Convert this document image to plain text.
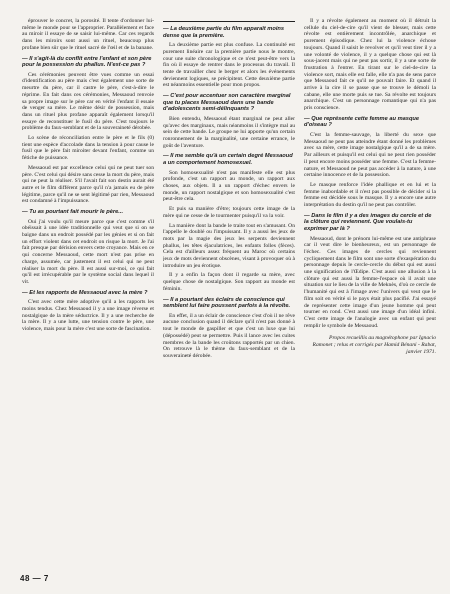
éprouver le concret, la porosité. Il tente d'ordonner lui-même le monde pour se l'approprier. Parallèlement et face au miroir il essaye de se saisir lui-même. Car ces regards dans les miroirs sont aussi un rituel, beaucoup plus profane bien sûr que le rituel sacré de l'œil et de la banane.

— Il s'agit-là du conflit entre l'enfant et son père pour la possession du phallus. N'est-ce pas ?

Ces cérémonies peuvent être vues comme un essai d'identification au père mais c'est également une sorte de meurtre du père, car il castre le père, c'est-à-dire le réprime. En fait dans ces cérémonies, Messaoud renvoie sa propre image sur le père car en vérité l'enfant il essaie de venger sa mère. Le même désir de possession, mais dans un rituel plus profane apparaît également lorsqu'il essaye de reconstituer le fusil du père. C'est toujours le problème du faux-semblant et de la souveraineté dérobée.

Lo scène de réconciliation entre le père et le fils (0) tient une espèce d'accolade dans la tension à pour cause le fusil que le père fait miroiter devant l'enfant, comme un fétiche de puissance.

Messaoud est par excellence celui qui ne peut tuer son père. C'est celui qui désire sans cesse la mort du père, mais qui ne peut la réaliser. S'il l'avait fait son destin aurait été autre et le film différent parce qu'il n'a jamais eu de père légitime, parce qu'il ne se sent légitimé par rien, Messaoud est condamné à l'impuissance.

— Tu as pourtant fait mourir le père...

Oui j'ai voulu qu'il meure parce que c'est comme s'il obéissait à une idée traditionnelle qui veut que si on se baigne dans un endroit possédé par les génies et si on fait un effort violent dans cet endroit on risque la mort. Je l'ai fait presque par dérision envers cette croyance. Mais en ce qui concerne Messaoud, cette mort n'est pas prise en charge, assumée, car justement il est celui qui ne peut réaliser la mort du père. Il est aussi sur-moi, ce qui fait qu'il est irrécupérable par le système social dans lequel il vit.

— Et les rapports de Messaoud avec la mère ?

C'est avec cette mère adoptive qu'il a les rapports les moins tendus. Chez Messaoud il y a une image réverse et nostalgique de la mère séductrice. Il y a une recherche de la mère. Il y a une lutte, une tension contre le père, une violence, mais pour la mère c'est une sorte de fascination.

— La deuxième partie du film apparaît moins dense que la première.

La deuxième partie est plus confuse. La continuité est purement linéaire car la première partie nous le montre, cour une suite chronologique et ce n'est peut-être vers la fin où il essaye de rentrer dans le processus du travail. Il tente de travailler chez le berger et alors les événements deviennent logiques, se précipitent. Cette deuxième partie est néanmoins essentielle pour mon propos.

— C'est pour accentuer son caractère marginal que tu places Messaoud dans une bande d'adolescents semi-délinquants ?

Bien entendu, Messaoud étant marginal ne peut aller qu'avec des marginaux, mais néanmoins il s'intègre mal au sein de cette bande. Le groupe ne lui apporte qu'un certain ronronnement de la marginalité, une certaine errance, le goût de l'aventure.

— Il me semble qu'à un certain degré Messaoud a un comportement homosexuel.

Son homosexualité n'est pas manifeste elle est plus profonde, c'est un rapport au monde, un rapport aux choses, aux objets. Il a un rapport d'échec envers le monde, un rapport nostalgique et son homosexualité c'est peut-être cela.

Et puis sa manière d'être; toujours cette image de la mère qui ne cesse de le tourmenter puisqu'il va la voir.

La manière dont la bande le traite tout en s'amusant. On l'appelle le doublé ou l'impuissant. Il y a aussi les jeux de mots par la magie des jeux les serpents deviennent phallus, les têtes éjaculatrices, les enfants folles (fèces). Cela est d'ailleurs assez fréquent au Maroc où certains jeux de mots deviennent obscènes, visant à provoquer où à introduire un jeu érotique.

Il y a enfin la façon dont il regarde sa mère, avec quelque chose de nostalgique. Son rapport au monde est féminin.

— Il a pourtant des éclairs de conscience qui semblent lui faire poussent parfois à la révolte.

En effet, il a un éclair de conscience c'est d'où il ne rêve aucune conclusion quand il déclare qu'il n'est pas donné à tout le monde de gaspiller et que c'est un luxe que lui (dépossédé) peut se permettre. Puis il lance avec les cuites membres de la bande les croûtons rapportés par un chien. On retrouve là le thème du faux-semblant et de la souveraineté dérobée.

Il y a révolte également au moment où il détruit la cellule du ciel-de-cire qu'il vient de blesser, mais cette révolte est entièrement incontrôlée, anarchique et purement épisodique. Chez lui la violence échoue toujours. Quand il saisit le revolver et qu'il veut tirer il y a une volonté de violence, il y a quelque chose qui est là sous-jacent mais qui ne peut pas sortir, il y a une sorte de frustration à l'entrer. En tirant sur le ciel-de-cire la violence sort, mais elle est falle, elle n'a pas de sens parce que Messaoud fait ce qu'il ne pouvait faire. Et quand il arrive à la cire il se passe que se trouve le démoli la cabane, elle une morte puis se tue. Sa révolte est toujours anarchique. C'est un personnage romantique qui n'a pas pris conscience.

— Que représente cette femme au masque d'oiseau ?

C'est la femme-sauvage, la liberté du sexe que Messaoud ne peut pas atteindre étant donné les problèmes avec sa mère, cette image nostalgique qu'il a de sa mère. Par ailleurs et puisqu'il est celui qui ne peut rien posséder il peut encore moins posséder une femme. C'est la femme-nature, et Messaoud ne peut pas accéder à la nature, à une certaine innocence et de la possession.

Le masque renforce l'idée phallique et en lui et la femme inabordable et il n'est pas possible de décider si la femme est décidée sous le masque. Il y a encore une autre interprétation du destin qu'il ne peut pas contrôler.

— Dans le film il y a des images du cercle et de la clôture qui reviennent. Que voulais-tu exprimer par là ?

Messaoud, dont le prénom lui-même est une antiphrase car il veut dire le bienheureux, est un personnage de l'échec. Ces images de cercles qui reviennent cycliquement dans le film sont une sorte d'exaspération du personnage depuis le cercle-cercle du début qui est aussi une signification de l'Œdipe. C'est aussi une allusion à la clôture qui est aussi la femme-l'espace où il avait une situation sur le lieu de la ville de Meknès, d'où ce cercle de l'humanité qui est à l'image avec l'univers qui veut que le film soit en vérité si le pays était plus pacifié. J'ai essayé de représenter cette image d'un jeune homme qui peut tourner en rond. C'est aussi une image d'un idéal infini. C'est cette image de l'analogie avec un enfant qui peut remplir le symbole de Messaoud.

Propos recueillis au magnétophone par Ignacio Ramonet ; relus et corrigés par Hamid Bénani - Rabat, janvier 1971.

48 — 7
